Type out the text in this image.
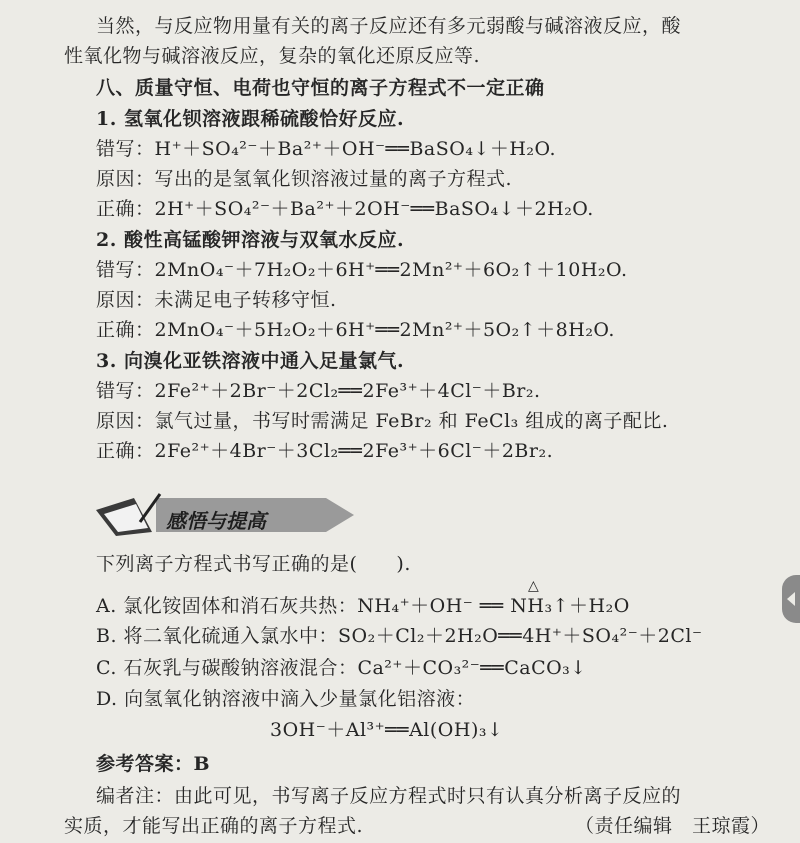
当然，与反应物用量有关的离子反应还有多元弱酸与碱溶液反应，酸
性氧化物与碱溶液反应，复杂的氧化还原反应等.
八、质量守恒、电荷也守恒的离子方程式不一定正确
1. 氢氧化钡溶液跟稀硫酸恰好反应.
错写：H⁺＋SO₄²⁻＋Ba²⁺＋OH⁻══BaSO₄↓＋H₂O.
原因：写出的是氢氧化钡溶液过量的离子方程式.
正确：2H⁺＋SO₄²⁻＋Ba²⁺＋2OH⁻══BaSO₄↓＋2H₂O.
2. 酸性高锰酸钾溶液与双氧水反应.
错写：2MnO₄⁻＋7H₂O₂＋6H⁺══2Mn²⁺＋6O₂↑＋10H₂O.
原因：未满足电子转移守恒.
正确：2MnO₄⁻＋5H₂O₂＋6H⁺══2Mn²⁺＋5O₂↑＋8H₂O.
3. 向溴化亚铁溶液中通入足量氯气.
错写：2Fe²⁺＋2Br⁻＋2Cl₂══2Fe³⁺＋4Cl⁻＋Br₂.
原因：氯气过量，书写时需满足 FeBr₂ 和 FeCl₃ 组成的离子配比.
正确：2Fe²⁺＋4Br⁻＋3Cl₂══2Fe³⁺＋6Cl⁻＋2Br₂.
感悟与提高
下列离子方程式书写正确的是(　　).
A. 氯化铵固体和消石灰共热：NH₄⁺＋OH⁻ ══ NH₃↑＋H₂O
△
B. 将二氧化硫通入氯水中：SO₂＋Cl₂＋2H₂O══4H⁺＋SO₄²⁻＋2Cl⁻
C. 石灰乳与碳酸钠溶液混合：Ca²⁺＋CO₃²⁻══CaCO₃↓
D. 向氢氧化钠溶液中滴入少量氯化铝溶液：
3OH⁻＋Al³⁺══Al(OH)₃↓
参考答案：B
编者注：由此可见，书写离子反应方程式时只有认真分析离子反应的
实质，才能写出正确的离子方程式.	（责任编辑　王琼霞）
